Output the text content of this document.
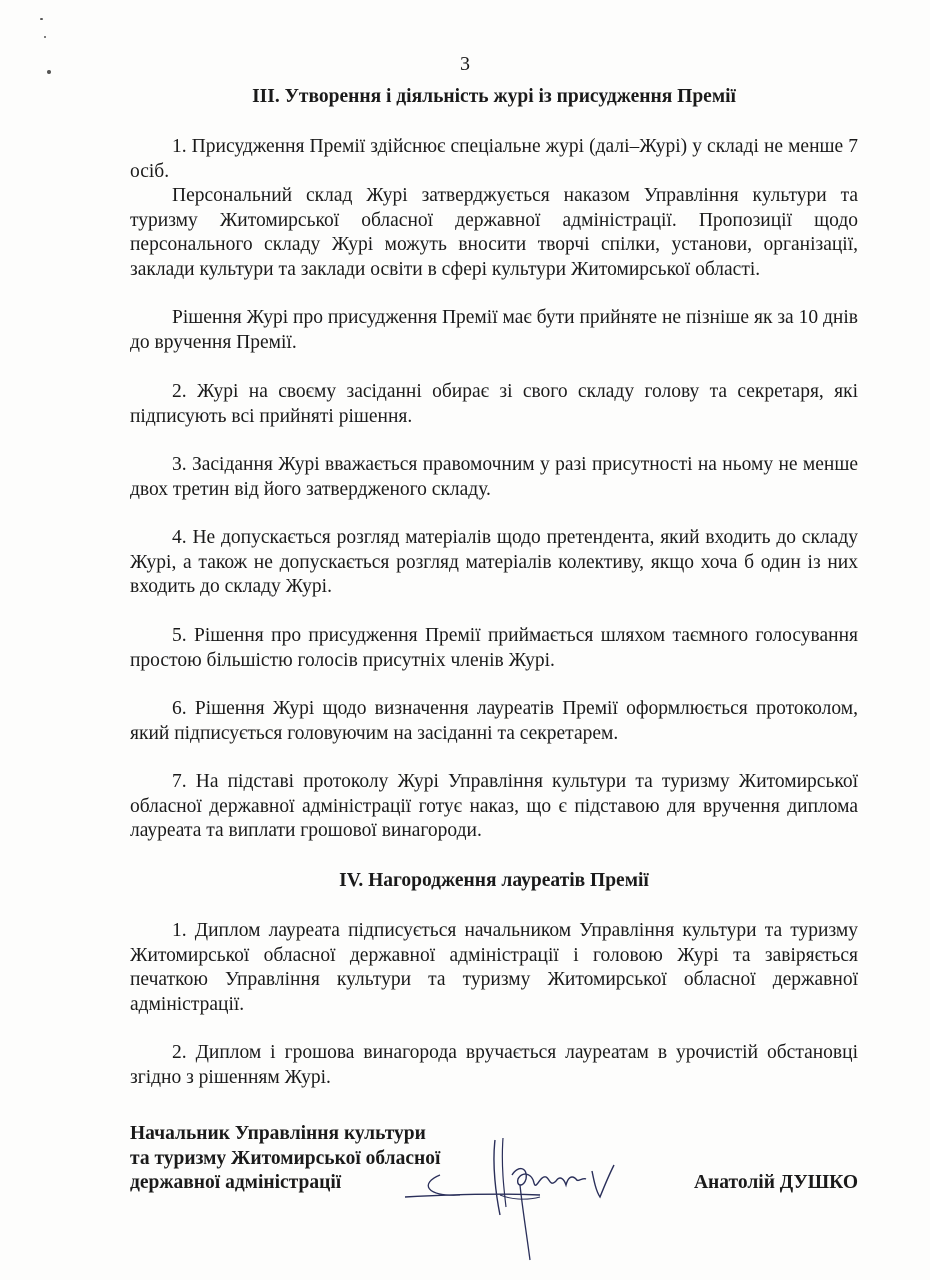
3
III. Утворення і діяльність журі із присудження Премії

1. Присудження Премії здійснює спеціальне журі (далі–Журі) у складі не менше 7 осіб.

Персональний склад Журі затверджується наказом Управління культури та туризму Житомирської обласної державної адміністрації. Пропозиції щодо персонального складу Журі можуть вносити творчі спілки, установи, організації, заклади культури та заклади освіти в сфері культури Житомирської області.

Рішення Журі про присудження Премії має бути прийняте не пізніше як за 10 днів до вручення Премії.

2. Журі на своєму засіданні обирає зі свого складу голову та секретаря, які підписують всі прийняті рішення.

3. Засідання Журі вважається правомочним у разі присутності на ньому не менше двох третин від його затвердженого складу.

4. Не допускається розгляд матеріалів щодо претендента, який входить до складу Журі, а також не допускається розгляд матеріалів колективу, якщо хоча б один із них входить до складу Журі.

5. Рішення про присудження Премії приймається шляхом таємного голосування простою більшістю голосів присутніх членів Журі.

6. Рішення Журі щодо визначення лауреатів Премії оформлюється протоколом, який підписується головуючим на засіданні та секретарем.

7. На підставі протоколу Журі Управління культури та туризму Житомирської обласної державної адміністрації готує наказ, що є підставою для вручення диплома лауреата та виплати грошової винагороди.

IV. Нагородження лауреатів Премії

1. Диплом лауреата підписується начальником Управління культури та туризму Житомирської обласної державної адміністрації і головою Журі та завіряється печаткою Управління культури та туризму Житомирської обласної державної адміністрації.

2. Диплом і грошова винагорода вручається лауреатам в урочистій обстановці згідно з рішенням Журі.

Начальник Управління культури
та туризму Житомирської обласної
державної адміністрації	Анатолій ДУШКО
